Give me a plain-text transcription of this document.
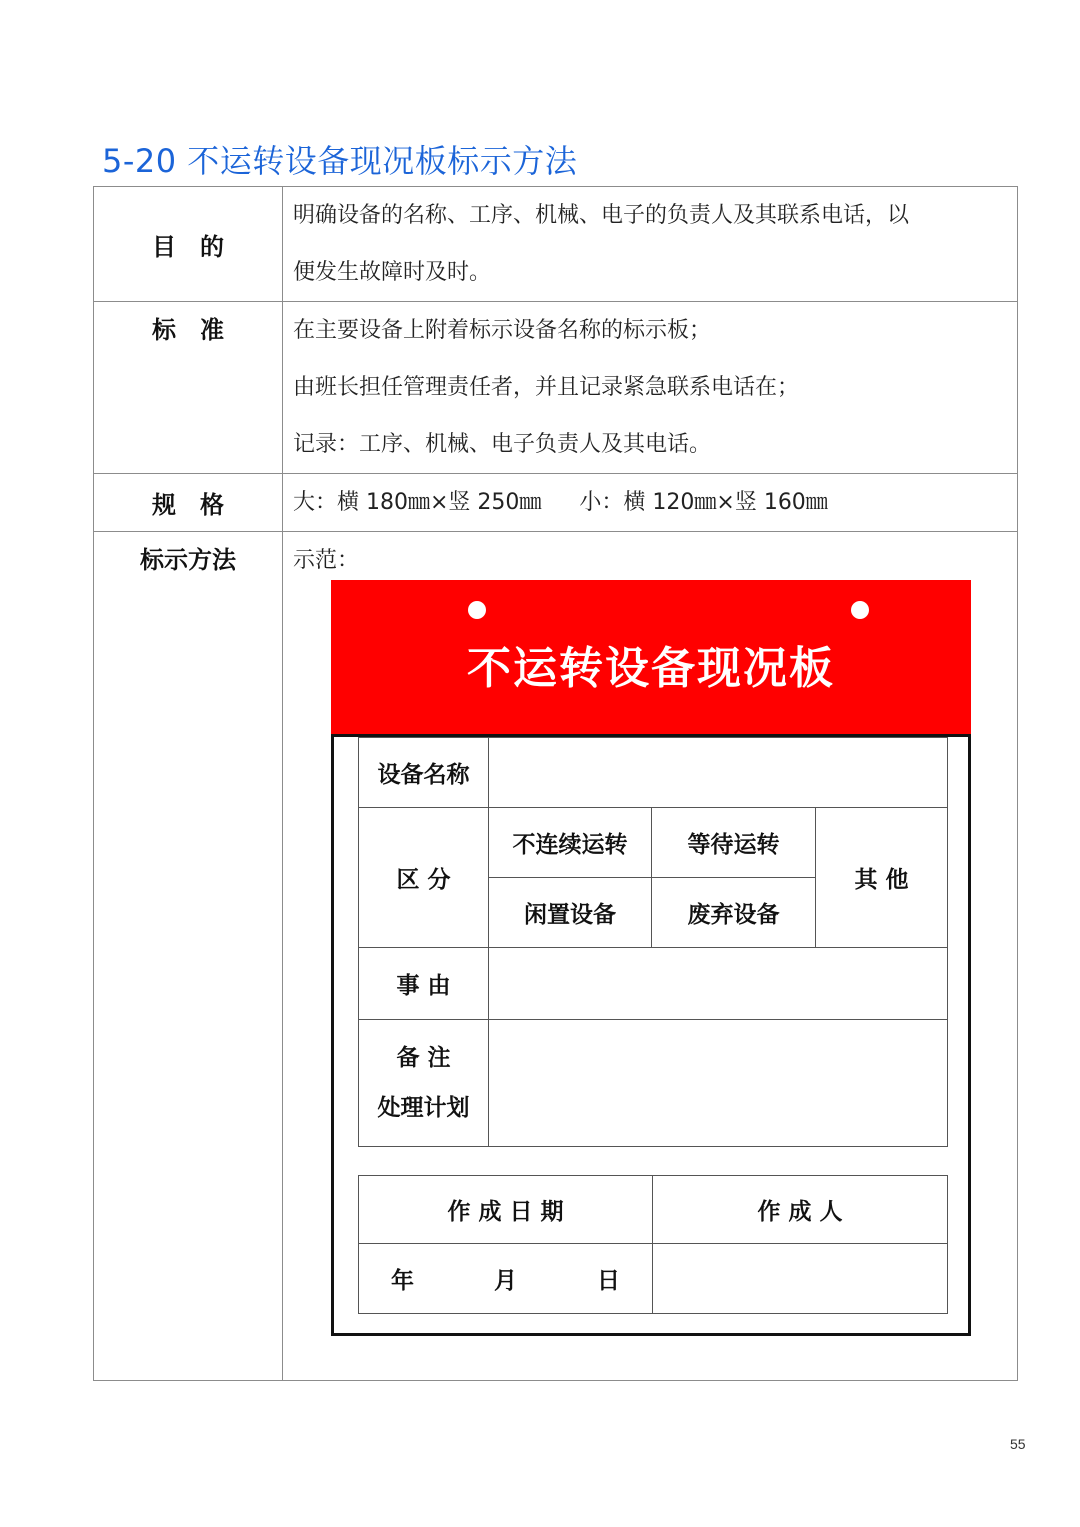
5-20 不运转设备现况板标示方法
目　的	明确设备的名称、工序、机械、电子的负责人及其联系电话，以
便发生故障时及时。

标　准	在主要设备上附着标示设备名称的标示板；
由班长担任管理责任者，并且记录紧急联系电话在；
记录：工序、机械、电子负责人及其电话。

规　格	大：横 180㎜×竖 250㎜ 小：横 120㎜×竖 160㎜

标示方法	示范：
不运转设备现况板
设备名称			
区 分	不连续运转	等待运转	其 他
	闲置设备	废弃设备	
事 由			

备 注
处理计划			

作 成 日 期	作 成 人
年 月 日	
55
